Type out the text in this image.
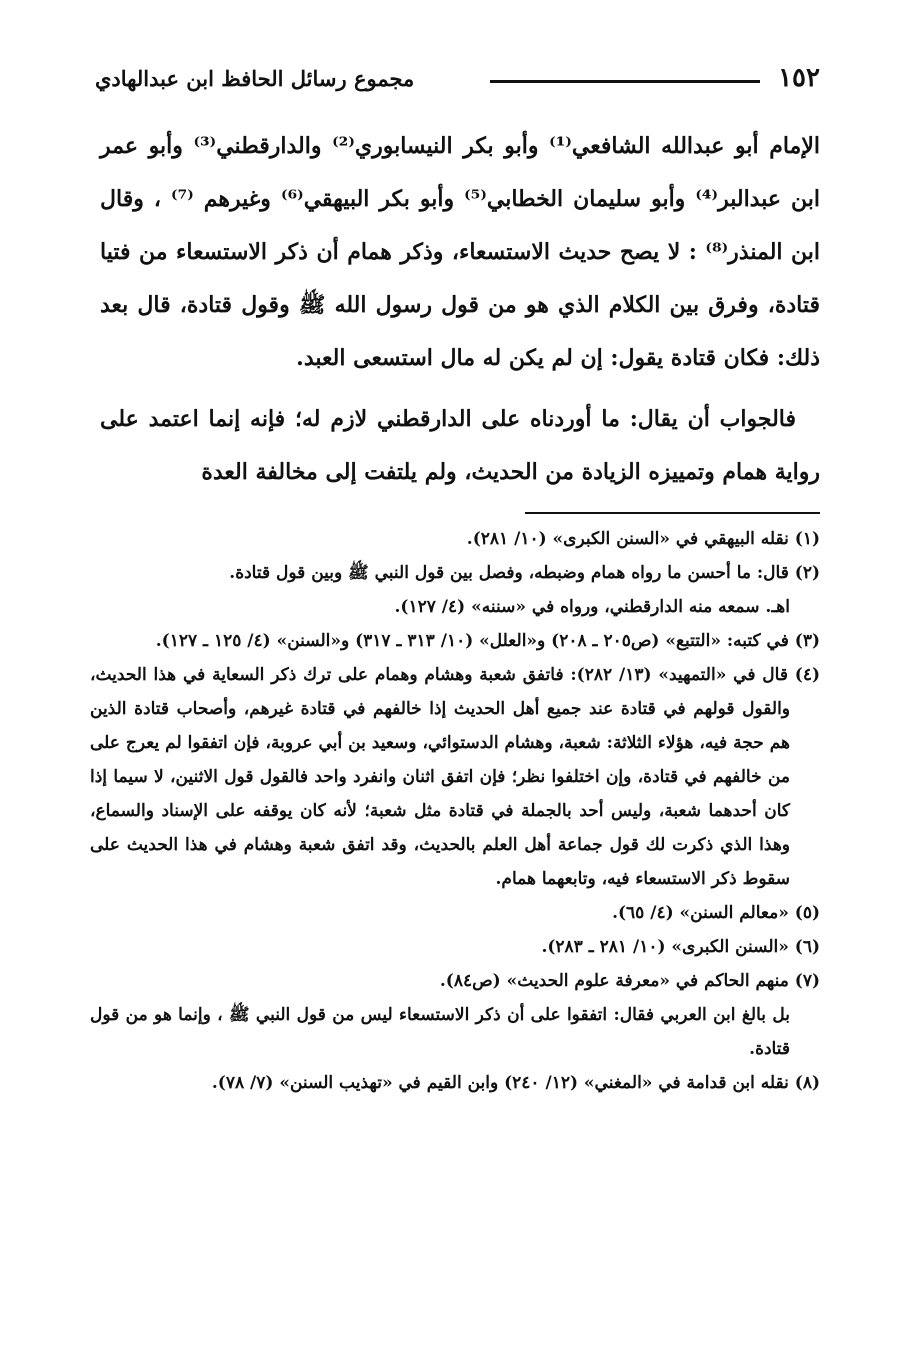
١٥٢
مجموع رسائل الحافظ ابن عبدالهادي

الإمام أبو عبدالله الشافعي⁽¹⁾ وأبو بكر النيسابوري⁽²⁾ والدارقطني⁽³⁾ وأبو عمر ابن عبدالبر⁽⁴⁾ وأبو سليمان الخطابي⁽⁵⁾ وأبو بكر البيهقي⁽⁶⁾ وغيرهم ⁽⁷⁾ ، وقال ابن المنذر⁽⁸⁾ : لا يصح حديث الاستسعاء، وذكر همام أن ذكر الاستسعاء من فتيا قتادة، وفرق بين الكلام الذي هو من قول رسول الله ﷺ وقول قتادة، قال بعد ذلك: فكان قتادة يقول: إن لم يكن له مال استسعى العبد.

فالجواب أن يقال: ما أوردناه على الدارقطني لازم له؛ فإنه إنما اعتمد على رواية همام وتمييزه الزيادة من الحديث، ولم يلتفت إلى مخالفة العدة

(١) نقله البيهقي في «السنن الكبرى» (١٠/ ٢٨١).

(٢) قال: ما أحسن ما رواه همام وضبطه، وفصل بين قول النبي ﷺ وبين قول قتادة.

اهـ. سمعه منه الدارقطني، ورواه في «سننه» (٤/ ١٢٧).

(٣) في كتبه: «التتبع» (ص٢٠٥ ـ ٢٠٨) و«العلل» (١٠/ ٣١٣ ـ ٣١٧) و«السنن» (٤/ ١٢٥ ـ ١٢٧).

(٤) قال في «التمهيد» (١٣/ ٢٨٢): فاتفق شعبة وهشام وهمام على ترك ذكر السعاية في هذا الحديث، والقول قولهم في قتادة عند جميع أهل الحديث إذا خالفهم في قتادة غيرهم، وأصحاب قتادة الذين هم حجة فيه، هؤلاء الثلاثة: شعبة، وهشام الدستوائي، وسعيد بن أبي عروبة، فإن اتفقوا لم يعرج على من خالفهم في قتادة، وإن اختلفوا نظر؛ فإن اتفق اثنان وانفرد واحد فالقول قول الاثنين، لا سيما إذا كان أحدهما شعبة، وليس أحد بالجملة في قتادة مثل شعبة؛ لأنه كان يوقفه على الإسناد والسماع، وهذا الذي ذكرت لك قول جماعة أهل العلم بالحديث، وقد اتفق شعبة وهشام في هذا الحديث على سقوط ذكر الاستسعاء فيه، وتابعهما همام.

(٥) «معالم السنن» (٤/ ٦٥).

(٦) «السنن الكبرى» (١٠/ ٢٨١ ـ ٢٨٣).

(٧) منهم الحاكم في «معرفة علوم الحديث» (ص٨٤).

بل بالغ ابن العربي فقال: اتفقوا على أن ذكر الاستسعاء ليس من قول النبي ﷺ ، وإنما هو من قول قتادة.

(٨) نقله ابن قدامة في «المغني» (١٢/ ٢٤٠) وابن القيم في «تهذيب السنن» (٧/ ٧٨).
